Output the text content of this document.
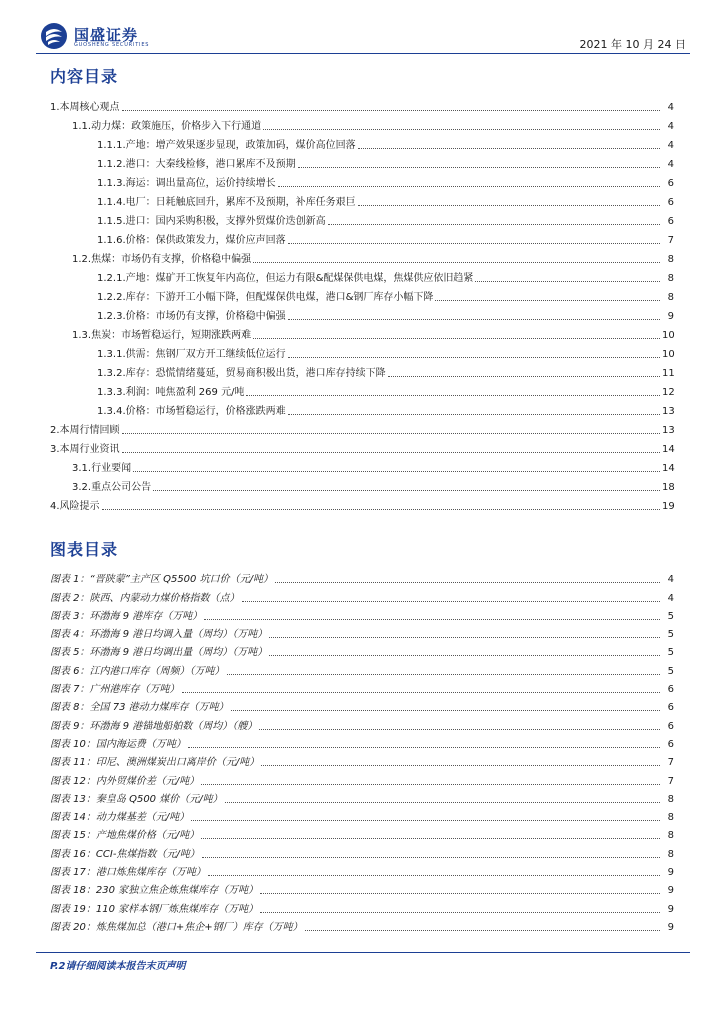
国盛证券
GUOSHENG SECURITIES	2021 年 10 月 24 日
内容目录
1.本周核心观点	4
1.1.动力煤：政策施压，价格步入下行通道	4
1.1.1.产地：增产效果逐步显现，政策加码，煤价高位回落	4
1.1.2.港口：大秦线检修，港口累库不及预期	4
1.1.3.海运：调出量高位，运价持续增长	6
1.1.4.电厂：日耗触底回升，累库不及预期，补库任务艰巨	6
1.1.5.进口：国内采购积极，支撑外贸煤价迭创新高	6
1.1.6.价格：保供政策发力，煤价应声回落	7
1.2.焦煤：市场仍有支撑，价格稳中偏强	8
1.2.1.产地：煤矿开工恢复年内高位，但运力有限&配煤保供电煤，焦煤供应依旧趋紧	8
1.2.2.库存：下游开工小幅下降，但配煤保供电煤，港口&钢厂库存小幅下降	8
1.2.3.价格：市场仍有支撑，价格稳中偏强	9
1.3.焦炭：市场暂稳运行，短期涨跌两难	10
1.3.1.供需：焦钢厂双方开工继续低位运行	10
1.3.2.库存：恐慌情绪蔓延，贸易商积极出货，港口库存持续下降	11
1.3.3.利润：吨焦盈利 269 元/吨	12
1.3.4.价格：市场暂稳运行，价格涨跌两难	13
2.本周行情回顾	13
3.本周行业资讯	14
3.1.行业要闻	14
3.2.重点公司公告	18
4.风险提示	19
图表目录
图表 1：“晋陕蒙”主产区 Q5500 坑口价（元/吨）	4
图表 2：陕西、内蒙动力煤价格指数（点）	4
图表 3：环渤海 9 港库存（万吨）	5
图表 4：环渤海 9 港日均调入量（周均）（万吨）	5
图表 5：环渤海 9 港日均调出量（周均）（万吨）	5
图表 6：江内港口库存（周频）（万吨）	5
图表 7：广州港库存（万吨）	6
图表 8：全国 73 港动力煤库存（万吨）	6
图表 9：环渤海 9 港锚地船舶数（周均）（艘）	6
图表 10：国内海运费（万吨）	6
图表 11：印尼、澳洲煤炭出口离岸价（元/吨）	7
图表 12：内外贸煤价差（元/吨）	7
图表 13：秦皇岛 Q500 煤价（元/吨）	8
图表 14：动力煤基差（元/吨）	8
图表 15：产地焦煤价格（元/吨）	8
图表 16：CCI-焦煤指数（元/吨）	8
图表 17：港口炼焦煤库存（万吨）	9
图表 18：230 家独立焦企炼焦煤库存（万吨）	9
图表 19：110 家样本钢厂炼焦煤库存（万吨）	9
图表 20：炼焦煤加总（港口+焦企+钢厂）库存（万吨）	9
P.2请仔细阅读本报告末页声明
